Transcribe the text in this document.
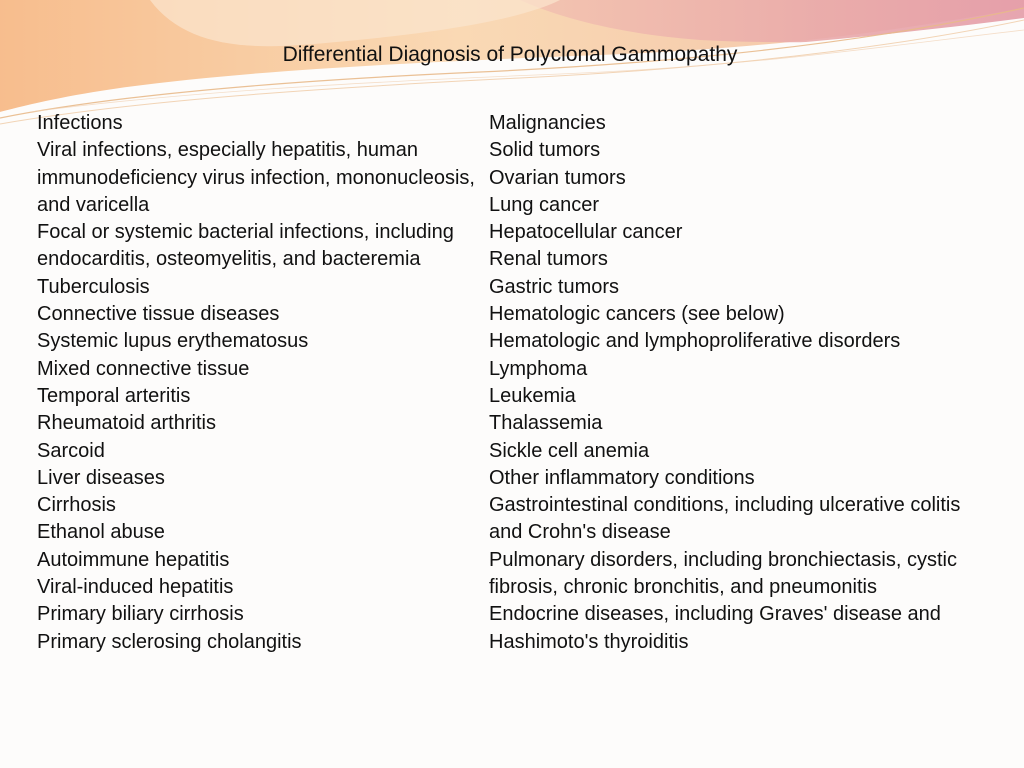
Differential Diagnosis of Polyclonal Gammopathy
Infections
Viral infections, especially hepatitis, human immunodeficiency virus infection, mononucleosis, and varicella
Focal or systemic bacterial infections, including endocarditis, osteomyelitis, and bacteremia
Tuberculosis
Connective tissue diseases
Systemic lupus erythematosus
Mixed connective tissue
Temporal arteritis
Rheumatoid arthritis
Sarcoid
Liver diseases
Cirrhosis
Ethanol abuse
Autoimmune hepatitis
Viral-induced hepatitis
Primary biliary cirrhosis
Primary sclerosing cholangitis
Malignancies
Solid tumors
Ovarian tumors
Lung cancer
Hepatocellular cancer
Renal tumors
Gastric tumors
Hematologic cancers (see below)
Hematologic and lymphoproliferative disorders
Lymphoma
Leukemia
Thalassemia
Sickle cell anemia
Other inflammatory conditions
Gastrointestinal conditions, including ulcerative colitis and Crohn's disease
Pulmonary disorders, including bronchiectasis, cystic fibrosis, chronic bronchitis, and pneumonitis
Endocrine diseases, including Graves' disease and Hashimoto's thyroiditis
